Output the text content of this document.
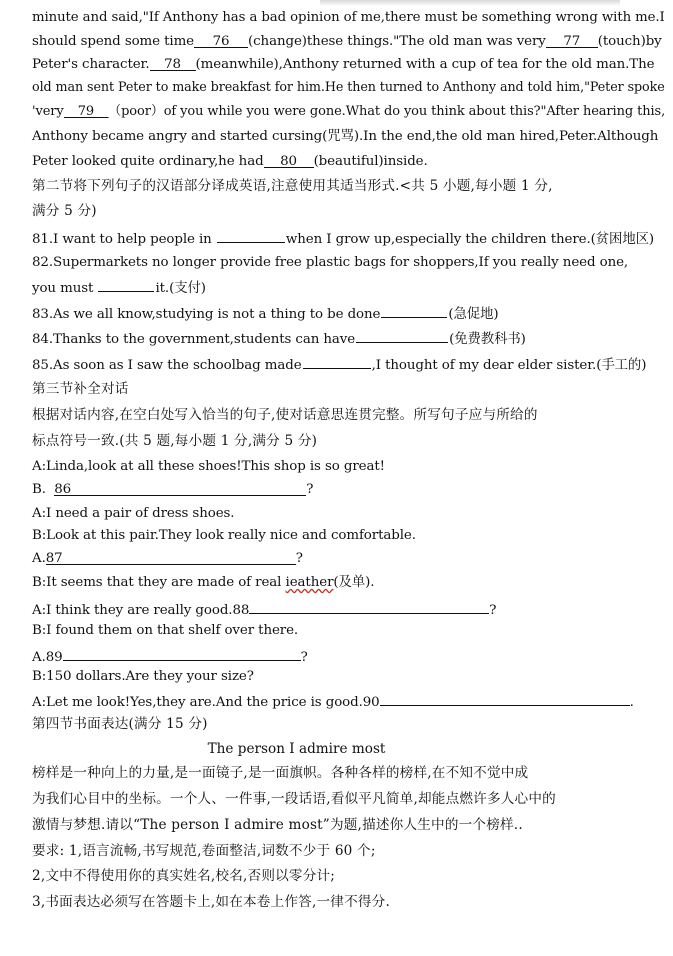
minute and said,"If Anthony has a bad opinion of me,there must be something wrong with me.I
should spend some time 76 (change)these things."The old man was very 77 (touch)by
Peter's character. 78 (meanwhile),Anthony returned with a cup of tea for the old man.The
old man sent Peter to make breakfast for him.He then turned to Anthony and told him,"Peter spoke
'very 79 （poor）of you while you were gone.What do you think about this?"After hearing this,
Anthony became angry and started cursing(咒骂).In the end,the old man hired,Peter.Although
Peter looked quite ordinary,he had 80 (beautiful)inside.
第二节将下列句子的汉语部分译成英语,注意使用其适当形式.<共 5 小题,每小题 1 分,
满分 5 分)
81.I want to help people in	when I grow up,especially the children there.(贫困地区)
82.Supermarkets no longer provide free plastic bags for shoppers,If you really need one,
you must	it.(支付)
83.As we all know,studying is not a thing to be done	(急促地)
84.Thanks to the government,students can have	(免费教科书)
85.As soon as I saw the schoolbag made	,I thought of my dear elder sister.(手工的)
第三节补全对话
根据对话内容,在空白处写入恰当的句子,使对话意思连贯完整。所写句子应与所给的
标点符号一致.(共 5 题,每小题 1 分,满分 5 分)
A:Linda,look at all these shoes!This shop is so great!
B. 86	?
A:I need a pair of dress shoes.
B:Look at this pair.They look really nice and comfortable.
A.87	?
B:It seems that they are made of real ieather(及单).
A:I think they are really good.88	?
B:I found them on that shelf over there.
A.89	?
B:150 dollars.Are they your size?
A:Let me look!Yes,they are.And the price is good.90	.
第四节书面表达(满分 15 分)
The person I admire most
榜样是一种向上的力量,是一面镜子,是一面旗帜。各种各样的榜样,在不知不觉中成
为我们心目中的坐标。一个人、一件事,一段话语,看似平凡简单,却能点燃许多人心中的
激情与梦想.请以“The person I admire most”为题,描述你人生中的一个榜样..
要求: 1,语言流畅,书写规范,卷面整洁,词数不少于 60 个;
2,文中不得使用你的真实姓名,校名,否则以零分计;
3,书面表达必须写在答题卡上,如在本卷上作答,一律不得分.
